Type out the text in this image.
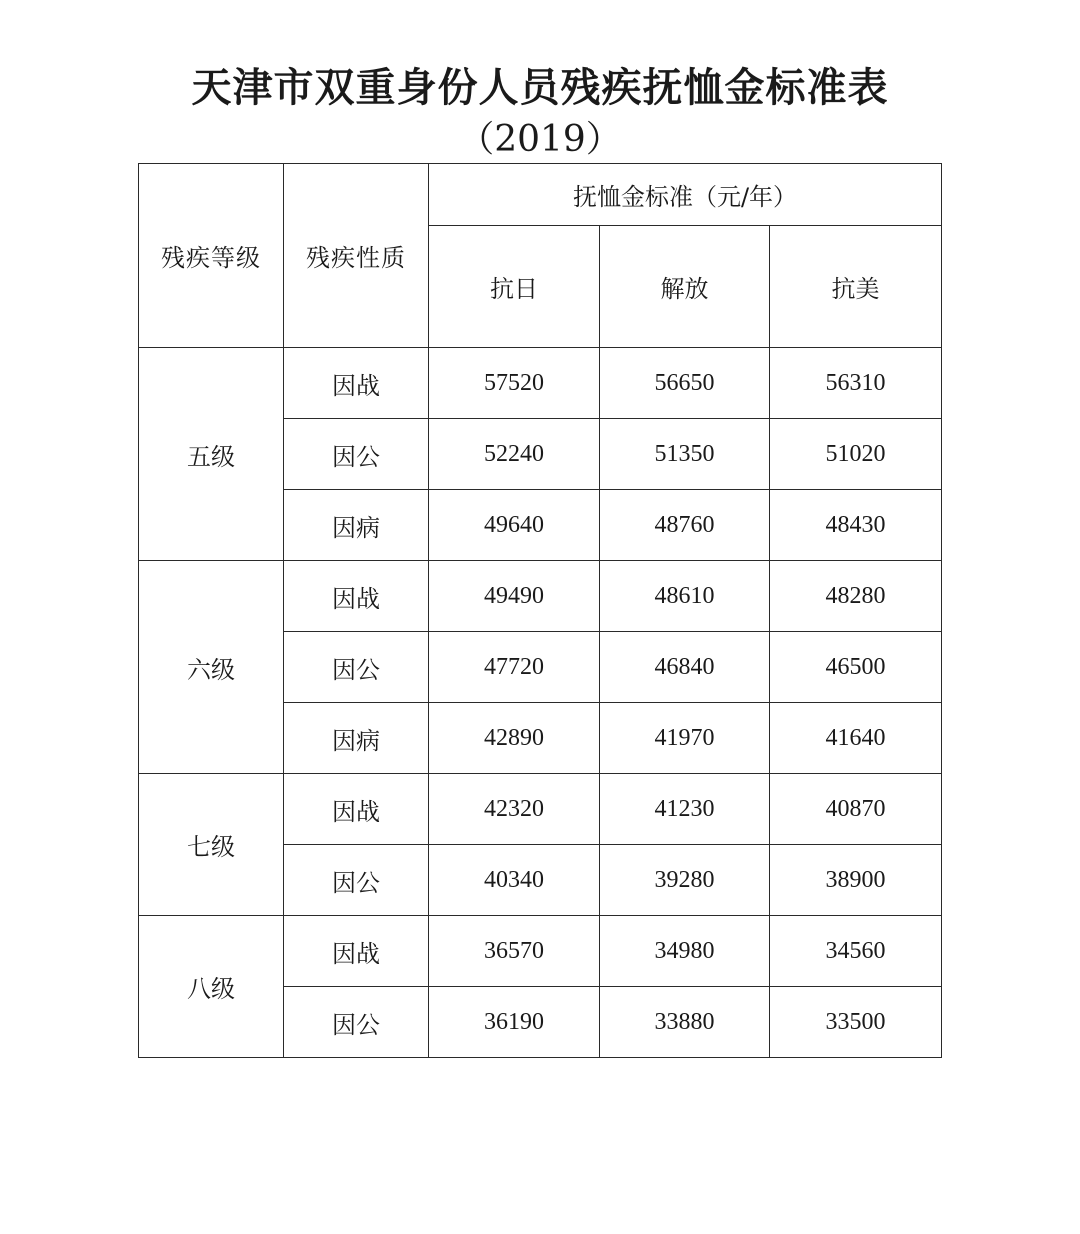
天津市双重身份人员残疾抚恤金标准表
（2019）
残疾等级	残疾性质	抚恤金标准（元/年）		
		抗日	解放	抗美
五级	因战	57520	56650	56310
	因公	52240	51350	51020
	因病	49640	48760	48430
六级	因战	49490	48610	48280
	因公	47720	46840	46500
	因病	42890	41970	41640
七级	因战	42320	41230	40870
	因公	40340	39280	38900
八级	因战	36570	34980	34560
	因公	36190	33880	33500
